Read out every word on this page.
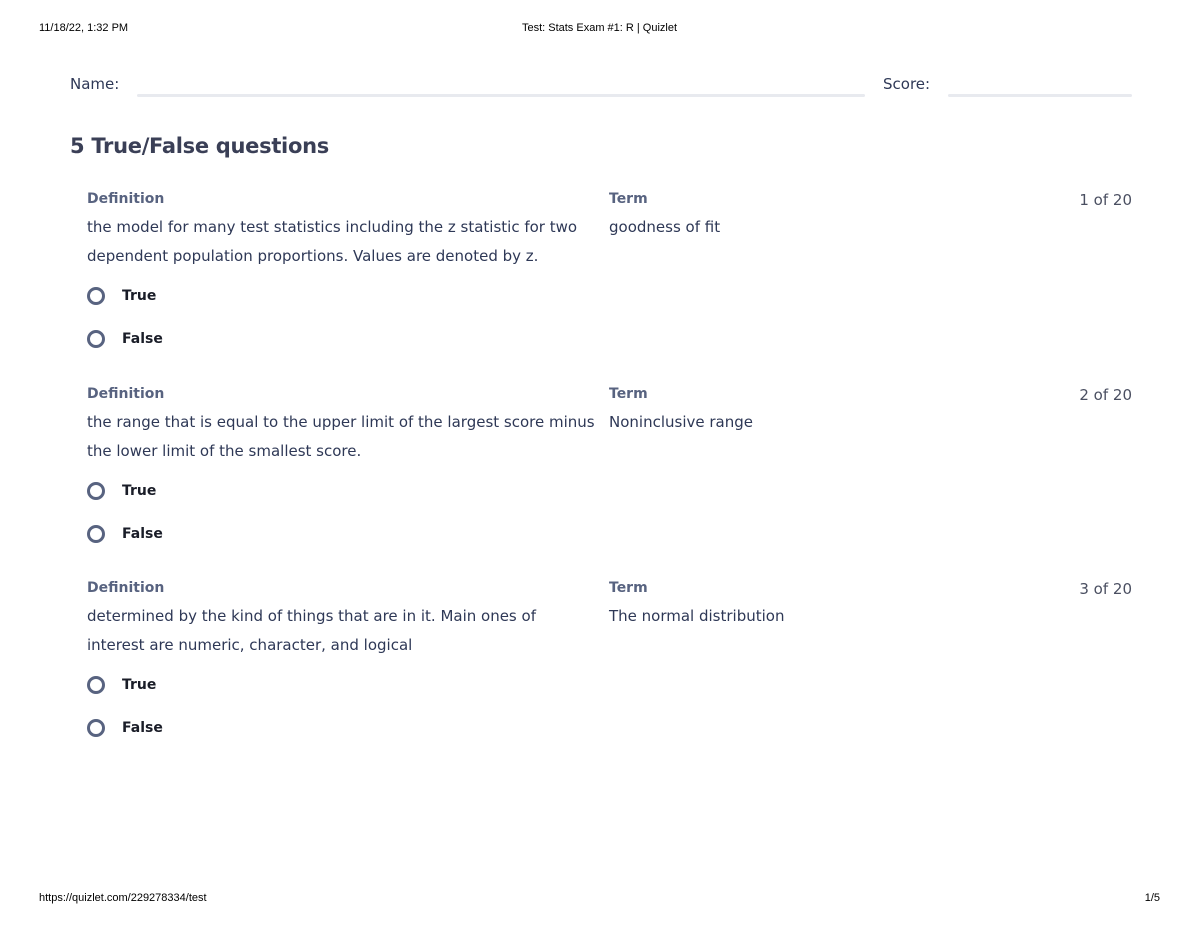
11/18/22, 1:32 PM	Test: Stats Exam #1: R | Quizlet
Name:	Score:
5 True/False questions
Definition	Term	1 of 20
the model for many test statistics including the z statistic for two dependent population proportions. Values are denoted by z.
goodness of fit
True
False
Definition	Term	2 of 20
the range that is equal to the upper limit of the largest score minus the lower limit of the smallest score.
Noninclusive range
True
False
Definition	Term	3 of 20
determined by the kind of things that are in it. Main ones of interest are numeric, character, and logical
The normal distribution
True
False
https://quizlet.com/229278334/test	1/5
